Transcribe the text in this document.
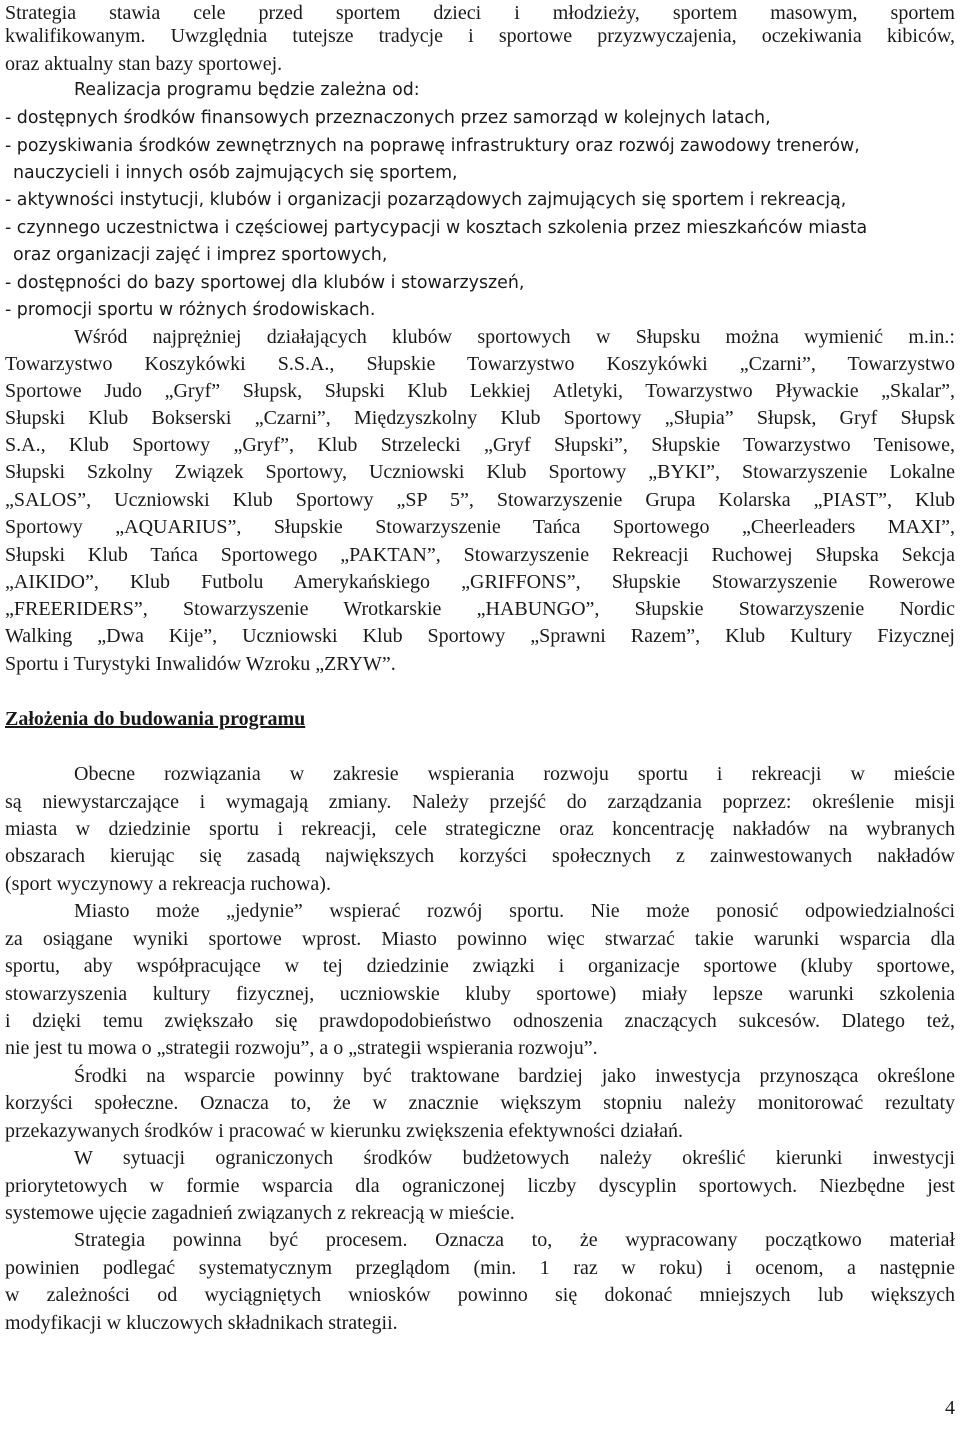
Strategia stawia cele przed sportem dzieci i młodzieży, sportem masowym, sportem
kwalifikowanym. Uwzględnia tutejsze tradycje i sportowe przyzwyczajenia, oczekiwania kibiców,
oraz aktualny stan bazy sportowej.
Realizacja programu będzie zależna od:
- dostępnych środków finansowych przeznaczonych przez samorząd w kolejnych latach,
- pozyskiwania środków zewnętrznych na poprawę infrastruktury oraz rozwój zawodowy trenerów,
nauczycieli i innych osób zajmujących się sportem,
- aktywności instytucji, klubów i organizacji pozarządowych zajmujących się sportem i rekreacją,
- czynnego uczestnictwa i częściowej partycypacji w kosztach szkolenia przez mieszkańców miasta
oraz organizacji zajęć i imprez sportowych,
- dostępności do bazy sportowej dla klubów i stowarzyszeń,
- promocji sportu w różnych środowiskach.
Wśród najprężniej działających klubów sportowych w Słupsku można wymienić m.in.:
Towarzystwo Koszykówki S.S.A., Słupskie Towarzystwo Koszykówki „Czarni”, Towarzystwo
Sportowe Judo „Gryf” Słupsk, Słupski Klub Lekkiej Atletyki, Towarzystwo Pływackie „Skalar”,
Słupski Klub Bokserski „Czarni”, Międzyszkolny Klub Sportowy „Słupia” Słupsk, Gryf Słupsk
S.A., Klub Sportowy „Gryf”, Klub Strzelecki „Gryf Słupski”, Słupskie Towarzystwo Tenisowe,
Słupski Szkolny Związek Sportowy, Uczniowski Klub Sportowy „BYKI”, Stowarzyszenie Lokalne
„SALOS”, Uczniowski Klub Sportowy „SP 5”, Stowarzyszenie Grupa Kolarska „PIAST”, Klub
Sportowy „AQUARIUS”, Słupskie Stowarzyszenie Tańca Sportowego „Cheerleaders MAXI”,
Słupski Klub Tańca Sportowego „PAKTAN”, Stowarzyszenie Rekreacji Ruchowej Słupska Sekcja
„AIKIDO”, Klub Futbolu Amerykańskiego „GRIFFONS”, Słupskie Stowarzyszenie Rowerowe
„FREERIDERS”, Stowarzyszenie Wrotkarskie „HABUNGO”, Słupskie Stowarzyszenie Nordic
Walking „Dwa Kije”, Uczniowski Klub Sportowy „Sprawni Razem”, Klub Kultury Fizycznej
Sportu i Turystyki Inwalidów Wzroku „ZRYW”.
Założenia do budowania programu
Obecne rozwiązania w zakresie wspierania rozwoju sportu i rekreacji w mieście
są niewystarczające i wymagają zmiany. Należy przejść do zarządzania poprzez: określenie misji
miasta w dziedzinie sportu i rekreacji, cele strategiczne oraz koncentrację nakładów na wybranych
obszarach kierując się zasadą największych korzyści społecznych z zainwestowanych nakładów
(sport wyczynowy a rekreacja ruchowa).
Miasto może „jedynie” wspierać rozwój sportu. Nie może ponosić odpowiedzialności
za osiągane wyniki sportowe wprost. Miasto powinno więc stwarzać takie warunki wsparcia dla
sportu, aby współpracujące w tej dziedzinie związki i organizacje sportowe (kluby sportowe,
stowarzyszenia kultury fizycznej, uczniowskie kluby sportowe) miały lepsze warunki szkolenia
i dzięki temu zwiększało się prawdopodobieństwo odnoszenia znaczących sukcesów. Dlatego też,
nie jest tu mowa o „strategii rozwoju”, a o „strategii wspierania rozwoju”.
Środki na wsparcie powinny być traktowane bardziej jako inwestycja przynosząca określone
korzyści społeczne. Oznacza to, że w znacznie większym stopniu należy monitorować rezultaty
przekazywanych środków i pracować w kierunku zwiększenia efektywności działań.
W sytuacji ograniczonych środków budżetowych należy określić kierunki inwestycji
priorytetowych w formie wsparcia dla ograniczonej liczby dyscyplin sportowych. Niezbędne jest
systemowe ujęcie zagadnień związanych z rekreacją w mieście.
Strategia powinna być procesem. Oznacza to, że wypracowany początkowo materiał
powinien podlegać systematycznym przeglądom (min. 1 raz w roku) i ocenom, a następnie
w zależności od wyciągniętych wniosków powinno się dokonać mniejszych lub większych
modyfikacji w kluczowych składnikach strategii.
4
